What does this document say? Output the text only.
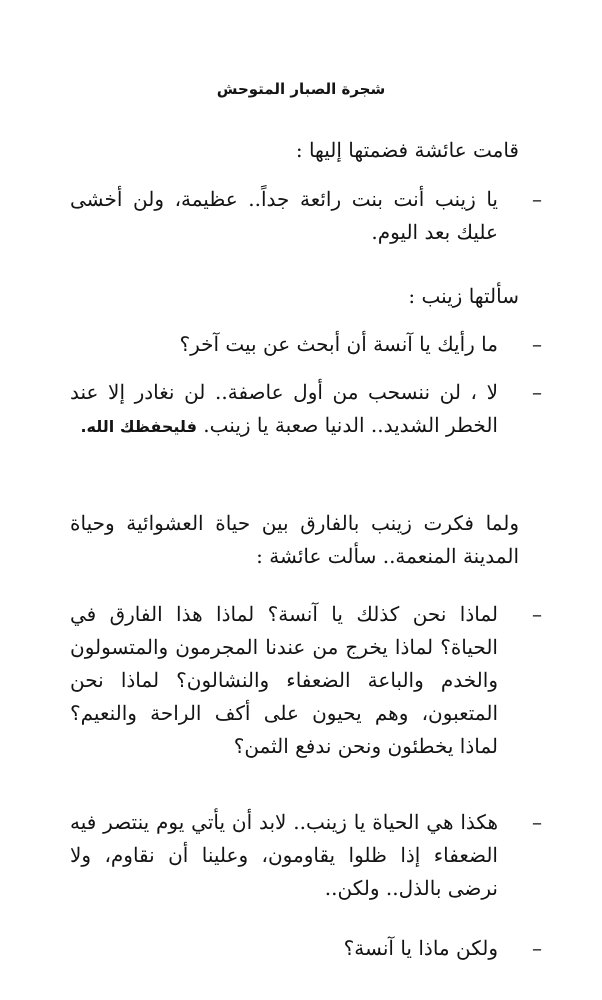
شجرة الصبار المتوحش

قامت عائشة فضمتها إليها :

–
يا زينب أنت بنت رائعة جداً.. عظيمة، ولن أخشى عليك بعد اليوم.

سألتها زينب :

–
ما رأيك يا آنسة أن أبحث عن بيت آخر؟
–
لا ، لن ننسحب من أول عاصفة.. لن نغادر إلا عند الخطر الشديد.. الدنيا صعبة يا زينب. فليحفظك الله.

ولما فكرت زينب بالفارق بين حياة العشوائية وحياة المدينة المنعمة.. سألت عائشة :

–
لماذا نحن كذلك يا آنسة؟ لماذا هذا الفارق في الحياة؟ لماذا يخرج من عندنا المجرمون والمتسولون والخدم والباعة الضعفاء والنشالون؟ لماذا نحن المتعبون، وهم يحيون على أكف الراحة والنعيم؟ لماذا يخطئون ونحن ندفع الثمن؟
–
هكذا هي الحياة يا زينب.. لابد أن يأتي يوم ينتصر فيه الضعفاء إذا ظلوا يقاومون، وعلينا أن نقاوم، ولا نرضى بالذل.. ولكن..
–
ولكن ماذا يا آنسة؟
